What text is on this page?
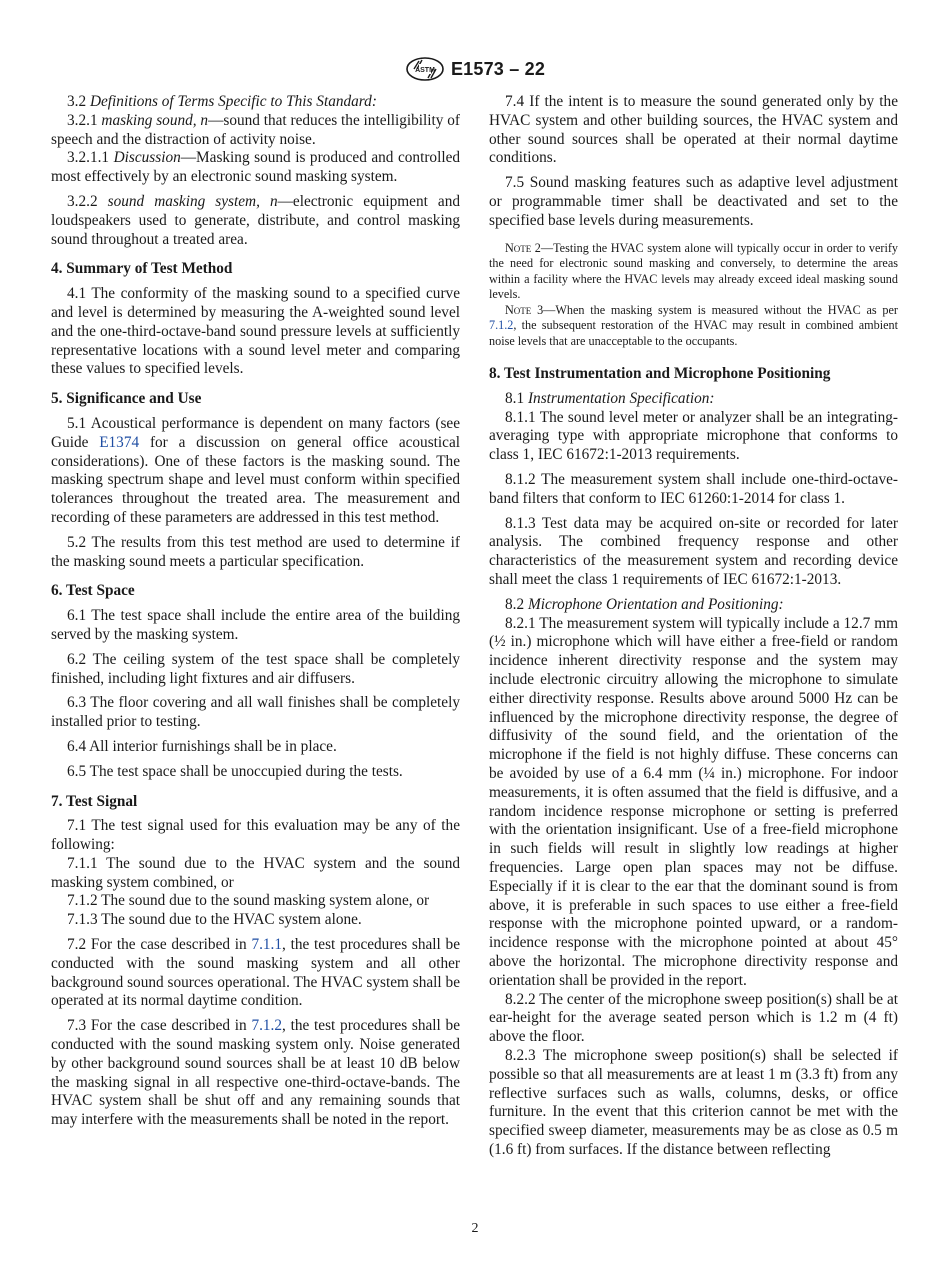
ASTM E1573 – 22

3.2 Definitions of Terms Specific to This Standard:

3.2.1 masking sound, n—sound that reduces the intelligibility of speech and the distraction of activity noise.

3.2.1.1 Discussion—Masking sound is produced and controlled most effectively by an electronic sound masking system.

3.2.2 sound masking system, n—electronic equipment and loudspeakers used to generate, distribute, and control masking sound throughout a treated area.

4. Summary of Test Method

4.1 The conformity of the masking sound to a specified curve and level is determined by measuring the A-weighted sound level and the one-third-octave-band sound pressure levels at sufficiently representative locations with a sound level meter and comparing these values to specified levels.

5. Significance and Use

5.1 Acoustical performance is dependent on many factors (see Guide E1374 for a discussion on general office acoustical considerations). One of these factors is the masking sound. The masking spectrum shape and level must conform within specified tolerances throughout the treated area. The measurement and recording of these parameters are addressed in this test method.

5.2 The results from this test method are used to determine if the masking sound meets a particular specification.

6. Test Space

6.1 The test space shall include the entire area of the building served by the masking system.

6.2 The ceiling system of the test space shall be completely finished, including light fixtures and air diffusers.

6.3 The floor covering and all wall finishes shall be completely installed prior to testing.

6.4 All interior furnishings shall be in place.

6.5 The test space shall be unoccupied during the tests.

7. Test Signal

7.1 The test signal used for this evaluation may be any of the following:

7.1.1 The sound due to the HVAC system and the sound masking system combined, or

7.1.2 The sound due to the sound masking system alone, or

7.1.3 The sound due to the HVAC system alone.

7.2 For the case described in 7.1.1, the test procedures shall be conducted with the sound masking system and all other background sound sources operational. The HVAC system shall be operated at its normal daytime condition.

7.3 For the case described in 7.1.2, the test procedures shall be conducted with the sound masking system only. Noise generated by other background sound sources shall be at least 10 dB below the masking signal in all respective one-third-octave-bands. The HVAC system shall be shut off and any remaining sounds that may interfere with the measurements shall be noted in the report.

7.4 If the intent is to measure the sound generated only by the HVAC system and other building sources, the HVAC system and other sound sources shall be operated at their normal daytime conditions.

7.5 Sound masking features such as adaptive level adjustment or programmable timer shall be deactivated and set to the specified base levels during measurements.

Note 2—Testing the HVAC system alone will typically occur in order to verify the need for electronic sound masking and conversely, to determine the areas within a facility where the HVAC levels may already exceed ideal masking sound levels.

Note 3—When the masking system is measured without the HVAC as per 7.1.2, the subsequent restoration of the HVAC may result in combined ambient noise levels that are unacceptable to the occupants.

8. Test Instrumentation and Microphone Positioning

8.1 Instrumentation Specification:

8.1.1 The sound level meter or analyzer shall be an integrating-averaging type with appropriate microphone that conforms to class 1, IEC 61672:1-2013 requirements.

8.1.2 The measurement system shall include one-third-octave-band filters that conform to IEC 61260:1-2014 for class 1.

8.1.3 Test data may be acquired on-site or recorded for later analysis. The combined frequency response and other characteristics of the measurement system and recording device shall meet the class 1 requirements of IEC 61672:1-2013.

8.2 Microphone Orientation and Positioning:

8.2.1 The measurement system will typically include a 12.7 mm (½ in.) microphone which will have either a free-field or random incidence inherent directivity response and the system may include electronic circuitry allowing the microphone to simulate either directivity response. Results above around 5000 Hz can be influenced by the microphone directivity response, the degree of diffusivity of the sound field, and the orientation of the microphone if the field is not highly diffuse. These concerns can be avoided by use of a 6.4 mm (¼ in.) microphone. For indoor measurements, it is often assumed that the field is diffusive, and a random incidence response microphone or setting is preferred with the orientation insignificant. Use of a free-field microphone in such fields will result in slightly low readings at higher frequencies. Large open plan spaces may not be diffuse. Especially if it is clear to the ear that the dominant sound is from above, it is preferable in such spaces to use either a free-field response with the microphone pointed upward, or a random-incidence response with the microphone pointed at about 45° above the horizontal. The microphone directivity response and orientation shall be provided in the report.

8.2.2 The center of the microphone sweep position(s) shall be at ear-height for the average seated person which is 1.2 m (4 ft) above the floor.

8.2.3 The microphone sweep position(s) shall be selected if possible so that all measurements are at least 1 m (3.3 ft) from any reflective surfaces such as walls, columns, desks, or office furniture. In the event that this criterion cannot be met with the specified sweep diameter, measurements may be as close as 0.5 m (1.6 ft) from surfaces. If the distance between reflecting

2
